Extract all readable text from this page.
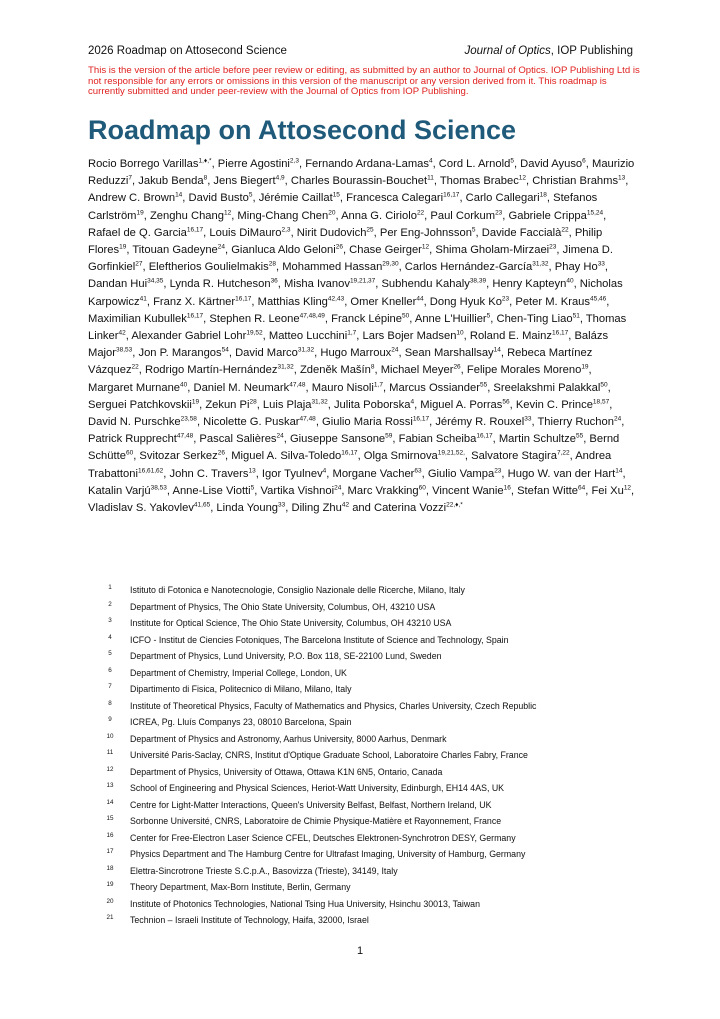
2026 Roadmap on Attosecond Science	Journal of Optics, IOP Publishing
This is the version of the article before peer review or editing, as submitted by an author to Journal of Optics. IOP Publishing Ltd is not responsible for any errors or omissions in this version of the manuscript or any version derived from it. This roadmap is currently submitted and under peer-review with the Journal of Optics from IOP Publishing.
Roadmap on Attosecond Science
Rocio Borrego Varillas$^{1,♦,*}$, Pierre Agostini$^{2,3}$, Fernando Ardana-Lamas$^4$, Cord L. Arnold$^5$, David Ayuso$^6$, Maurizio Reduzzi$^7$, Jakub Benda$^8$, Jens Biegert$^{4,9}$, Charles Bourassin-Bouchet$^{11}$, Thomas Brabec$^{12}$, Christian Brahms$^{13}$, Andrew C. Brown$^{14}$, David Busto$^5$, Jérémie Caillat$^{15}$, Francesca Calegari$^{16,17}$, Carlo Callegari$^{18}$, Stefanos Carlström$^{19}$, Zenghu Chang$^{12}$, Ming-Chang Chen$^{20}$, Anna G. Ciriolo$^{22}$, Paul Corkum$^{23}$, Gabriele Crippa$^{15,24}$, Rafael de Q. Garcia$^{16,17}$, Louis DiMauro$^{2,3}$, Nirit Dudovich$^{25}$, Per Eng-Johnsson$^5$, Davide Faccialà$^{22}$, Philip Flores$^{19}$, Titouan Gadeyne$^{24}$, Gianluca Aldo Geloni$^{26}$, Chase Geirger$^{12}$, Shima Gholam-Mirzaei$^{23}$, Jimena D. Gorfinkiel$^{27}$, Eleftherios Goulielmakis$^{28}$, Mohammed Hassan$^{29,30}$, Carlos Hernández-García$^{31,32}$, Phay Ho$^{33}$, Dandan Hui$^{34,35}$, Lynda R. Hutcheson$^{36}$, Misha Ivanov$^{19,21,37}$, Subhendu Kahaly$^{38,39}$, Henry Kapteyn$^{40}$, Nicholas Karpowicz$^{41}$, Franz X. Kärtner$^{16,17}$, Matthias Kling$^{42,43}$, Omer Kneller$^{44}$, Dong Hyuk Ko$^{23}$, Peter M. Kraus$^{45,46}$, Maximilian Kubullek$^{16,17}$, Stephen R. Leone$^{47,48,49}$, Franck Lépine$^{50}$, Anne L'Huillier$^5$, Chen-Ting Liao$^{51}$, Thomas Linker$^{42}$, Alexander Gabriel Lohr$^{19,52}$, Matteo Lucchini$^{1,7}$, Lars Bojer Madsen$^{10}$, Roland E. Mainz$^{16,17}$, Balázs Major$^{38,53}$, Jon P. Marangos$^{54}$, David Marco$^{31,32}$, Hugo Marroux$^{24}$, Sean Marshallsay$^{14}$, Rebeca Martínez Vázquez$^{22}$, Rodrigo Martín-Hernández$^{31,32}$, Zdeněk Mašín$^8$, Michael Meyer$^{26}$, Felipe Morales Moreno$^{19}$, Margaret Murnane$^{40}$, Daniel M. Neumark$^{47,48}$, Mauro Nisoli$^{1,7}$, Marcus Ossiander$^{55}$, Sreelakshmi Palakkal$^{50}$, Serguei Patchkovskii$^{19}$, Zekun Pi$^{28}$, Luis Plaja$^{31,32}$, Julita Poborska$^4$, Miguel A. Porras$^{56}$, Kevin C. Prince$^{18,57}$, David N. Purschke$^{23,58}$, Nicolette G. Puskar$^{47,48}$, Giulio Maria Rossi$^{16,17}$, Jérémy R. Rouxel$^{33}$, Thierry Ruchon$^{24}$, Patrick Rupprecht$^{47,48}$, Pascal Salières$^{24}$, Giuseppe Sansone$^{59}$, Fabian Scheiba$^{16,17}$, Martin Schultze$^{55}$, Bernd Schütte$^{60}$, Svitozar Serkez$^{26}$, Miguel A. Silva-Toledo$^{16,17}$, Olga Smirnova$^{19,21,52,}$, Salvatore Stagira$^{7,22}$, Andrea Trabattoni$^{16,61,62}$, John C. Travers$^{13}$, Igor Tyulnev$^4$, Morgane Vacher$^{63}$, Giulio Vampa$^{23}$, Hugo W. van der Hart$^{14}$, Katalin Varjú$^{38,53}$, Anne-Lise Viotti$^5$, Vartika Vishnoi$^{24}$, Marc Vrakking$^{60}$, Vincent Wanie$^{16}$, Stefan Witte$^{64}$, Fei Xu$^{12}$, Vladislav S. Yakovlev$^{41,65}$, Linda Young$^{33}$, Diling Zhu$^{42}$ and Caterina Vozzi$^{22,♦,*}$
1	Istituto di Fotonica e Nanotecnologie, Consiglio Nazionale delle Ricerche, Milano, Italy
2	Department of Physics, The Ohio State University, Columbus, OH, 43210 USA
3	Institute for Optical Science, The Ohio State University, Columbus, OH 43210 USA
4	ICFO - Institut de Ciencies Fotoniques, The Barcelona Institute of Science and Technology, Spain
5	Department of Physics, Lund University, P.O. Box 118, SE-22100 Lund, Sweden
6	Department of Chemistry, Imperial College, London, UK
7	Dipartimento di Fisica, Politecnico di Milano, Milano, Italy
8	Institute of Theoretical Physics, Faculty of Mathematics and Physics, Charles University, Czech Republic
9	ICREA, Pg. Lluís Companys 23, 08010 Barcelona, Spain
10 Department of Physics and Astronomy, Aarhus University, 8000 Aarhus, Denmark
11	Université Paris-Saclay, CNRS, Institut d'Optique Graduate School, Laboratoire Charles Fabry, France
12 Department of Physics, University of Ottawa, Ottawa K1N 6N5, Ontario, Canada
13 School of Engineering and Physical Sciences, Heriot-Watt University, Edinburgh, EH14 4AS, UK
14 Centre for Light-Matter Interactions, Queen's University Belfast, Belfast, Northern Ireland, UK
15 Sorbonne Université, CNRS, Laboratoire de Chimie Physique-Matière et Rayonnement, France
16 Center for Free-Electron Laser Science CFEL, Deutsches Elektronen-Synchrotron DESY, Germany
17 Physics Department and The Hamburg Centre for Ultrafast Imaging, University of Hamburg, Germany
18 Elettra-Sincrotrone Trieste S.C.p.A., Basovizza (Trieste), 34149, Italy
19 Theory Department, Max-Born Institute, Berlin, Germany
20 Institute of Photonics Technologies, National Tsing Hua University, Hsinchu 30013, Taiwan
21 Technion – Israeli Institute of Technology, Haifa, 32000, Israel
1
